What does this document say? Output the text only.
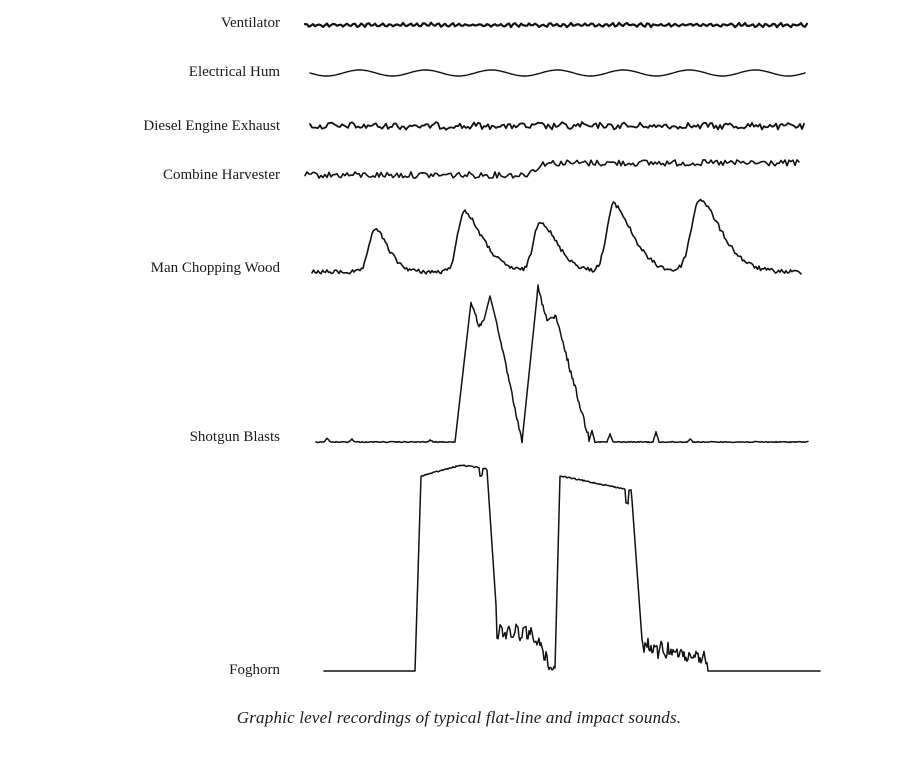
Ventilator
Electrical Hum
Diesel Engine Exhaust
Combine Harvester
Man Chopping Wood
Shotgun Blasts
Foghorn
Graphic level recordings of typical flat-line and impact sounds.
